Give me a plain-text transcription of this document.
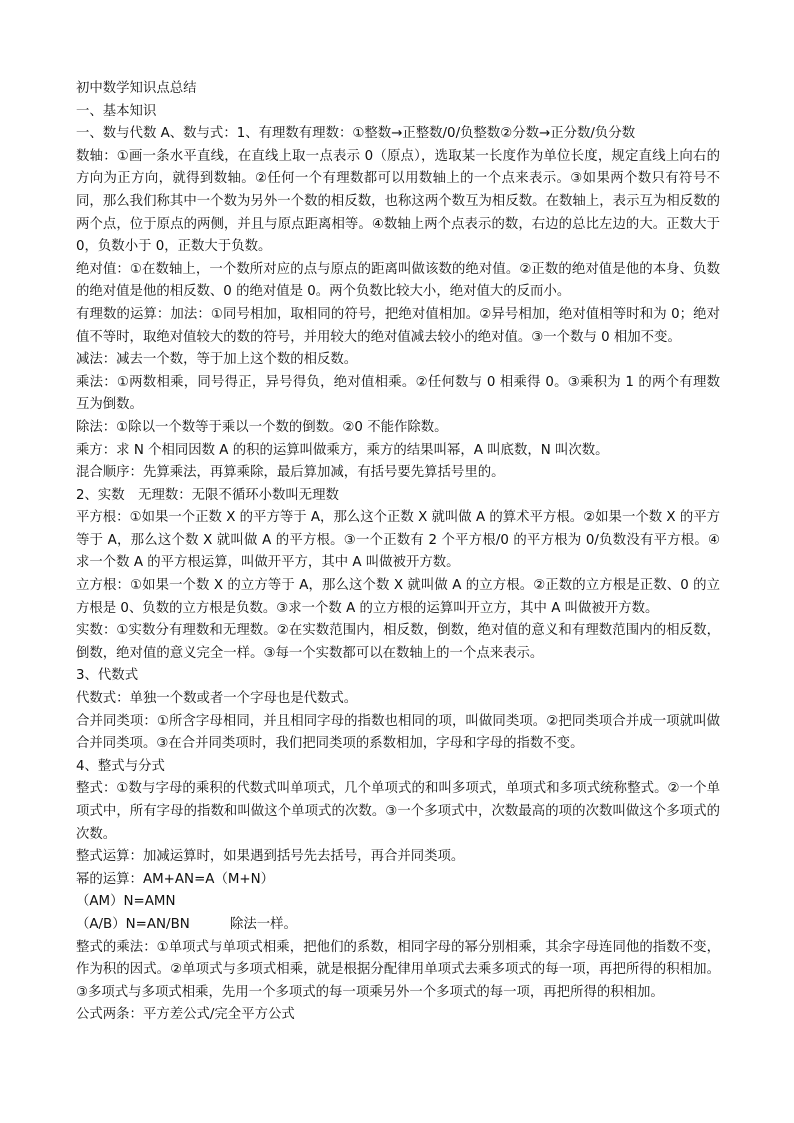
初中数学知识点总结

一、基本知识

一、数与代数 A、数与式：1、有理数有理数：①整数→正整数/0/负整数②分数→正分数/负分数

数轴：①画一条水平直线，在直线上取一点表示 0（原点），选取某一长度作为单位长度，规定直线上向右的方向为正方向，就得到数轴。②任何一个有理数都可以用数轴上的一个点来表示。③如果两个数只有符号不同，那么我们称其中一个数为另外一个数的相反数，也称这两个数互为相反数。在数轴上，表示互为相反数的两个点，位于原点的两侧，并且与原点距离相等。④数轴上两个点表示的数，右边的总比左边的大。正数大于 0，负数小于 0，正数大于负数。

绝对值：①在数轴上，一个数所对应的点与原点的距离叫做该数的绝对值。②正数的绝对值是他的本身、负数的绝对值是他的相反数、0 的绝对值是 0。两个负数比较大小，绝对值大的反而小。

有理数的运算：加法：①同号相加，取相同的符号，把绝对值相加。②异号相加，绝对值相等时和为 0；绝对值不等时，取绝对值较大的数的符号，并用较大的绝对值减去较小的绝对值。③一个数与 0 相加不变。

减法：减去一个数，等于加上这个数的相反数。

乘法：①两数相乘，同号得正，异号得负，绝对值相乘。②任何数与 0 相乘得 0。③乘积为 1 的两个有理数互为倒数。

除法：①除以一个数等于乘以一个数的倒数。②0 不能作除数。

乘方：求 N 个相同因数 A 的积的运算叫做乘方，乘方的结果叫幂，A 叫底数，N 叫次数。

混合顺序：先算乘法，再算乘除，最后算加减，有括号要先算括号里的。

2、实数　无理数：无限不循环小数叫无理数

平方根：①如果一个正数 X 的平方等于 A，那么这个正数 X 就叫做 A 的算术平方根。②如果一个数 X 的平方等于 A，那么这个数 X 就叫做 A 的平方根。③一个正数有 2 个平方根/0 的平方根为 0/负数没有平方根。④求一个数 A 的平方根运算，叫做开平方，其中 A 叫做被开方数。

立方根：①如果一个数 X 的立方等于 A，那么这个数 X 就叫做 A 的立方根。②正数的立方根是正数、0 的立方根是 0、负数的立方根是负数。③求一个数 A 的立方根的运算叫开立方，其中 A 叫做被开方数。

实数：①实数分有理数和无理数。②在实数范围内，相反数，倒数，绝对值的意义和有理数范围内的相反数，倒数，绝对值的意义完全一样。③每一个实数都可以在数轴上的一个点来表示。

3、代数式

代数式：单独一个数或者一个字母也是代数式。

合并同类项：①所含字母相同，并且相同字母的指数也相同的项，叫做同类项。②把同类项合并成一项就叫做合并同类项。③在合并同类项时，我们把同类项的系数相加，字母和字母的指数不变。

4、整式与分式

整式：①数与字母的乘积的代数式叫单项式，几个单项式的和叫多项式，单项式和多项式统称整式。②一个单项式中，所有字母的指数和叫做这个单项式的次数。③一个多项式中，次数最高的项的次数叫做这个多项式的次数。

整式运算：加减运算时，如果遇到括号先去括号，再合并同类项。

幂的运算：AM+AN=A（M+N）

（AM）N=AMN

（A/B）N=AN/BN　　　除法一样。

整式的乘法：①单项式与单项式相乘，把他们的系数，相同字母的幂分别相乘，其余字母连同他的指数不变，作为积的因式。②单项式与多项式相乘，就是根据分配律用单项式去乘多项式的每一项，再把所得的积相加。③多项式与多项式相乘，先用一个多项式的每一项乘另外一个多项式的每一项，再把所得的积相加。

公式两条：平方差公式/完全平方公式
